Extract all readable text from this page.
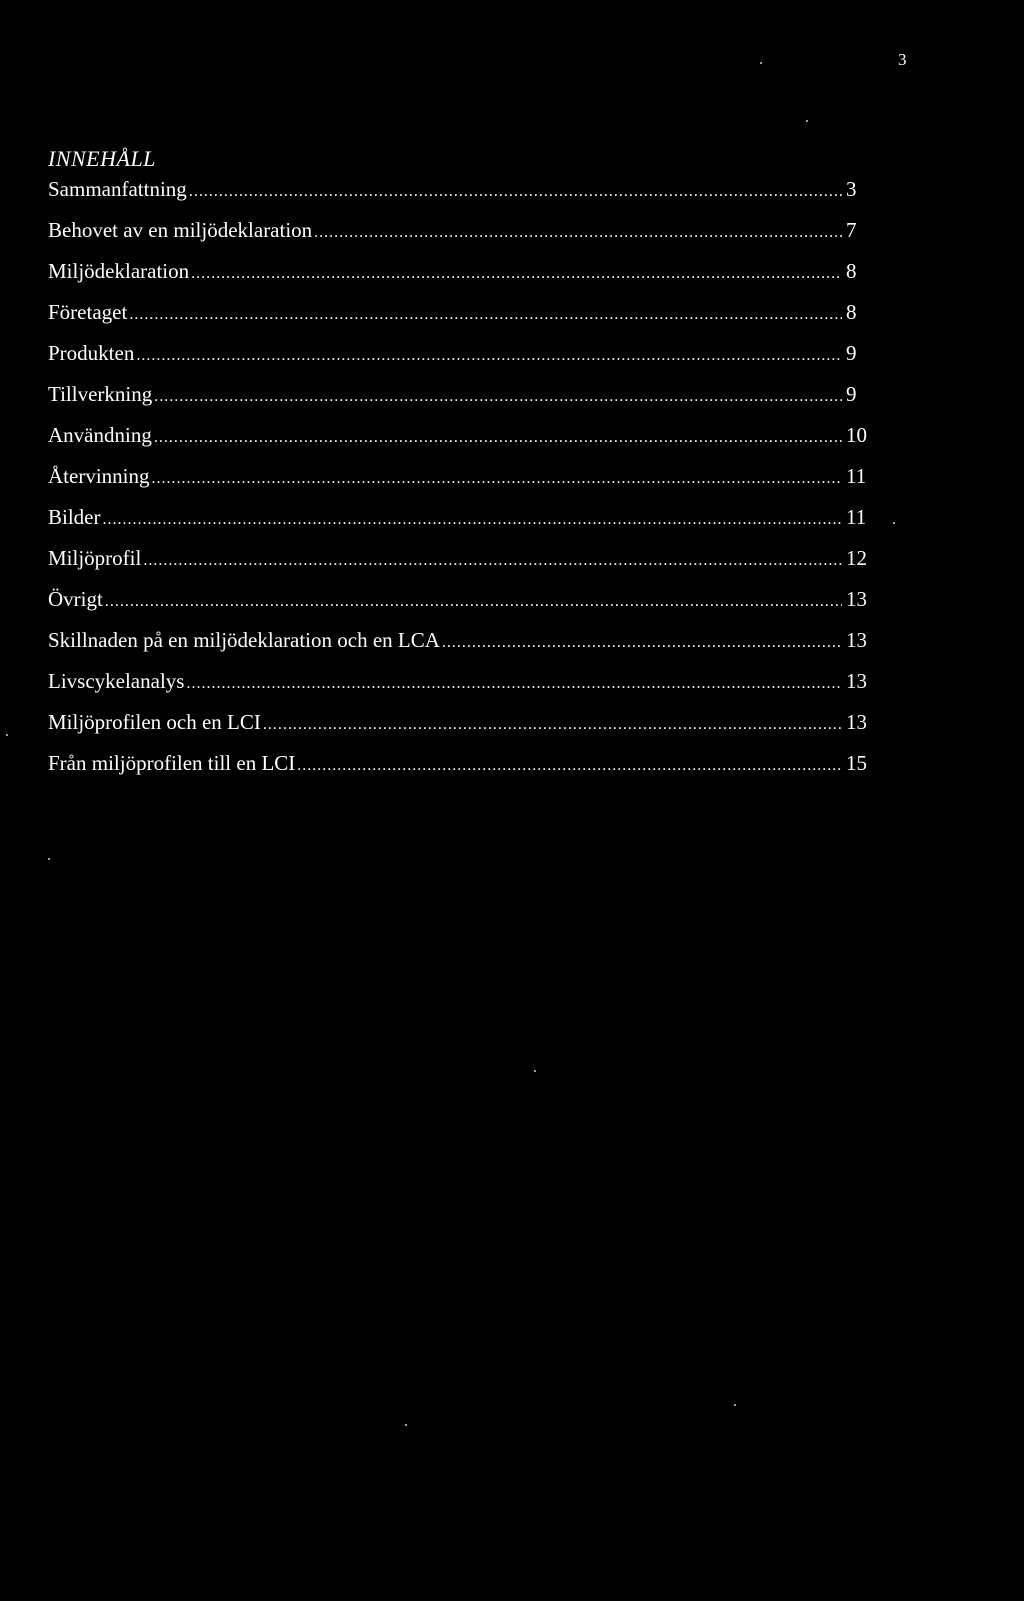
3
INNEHÅLL
Sammanfattning .....	3
Behovet av en miljödeklaration .....	7
Miljödeklaration .....	8
Företaget .....	8
Produkten .....	9
Tillverkning .....	9
Användning .....	10
Återvinning .....	11
Bilder .....	11
Miljöprofil .....	12
Övrigt .....	13
Skillnaden på en miljödeklaration och en LCA .....	13
Livscykelanalys .....	13
Miljöprofilen och en LCI .....	13
Från miljöprofilen till en LCI .....	15
